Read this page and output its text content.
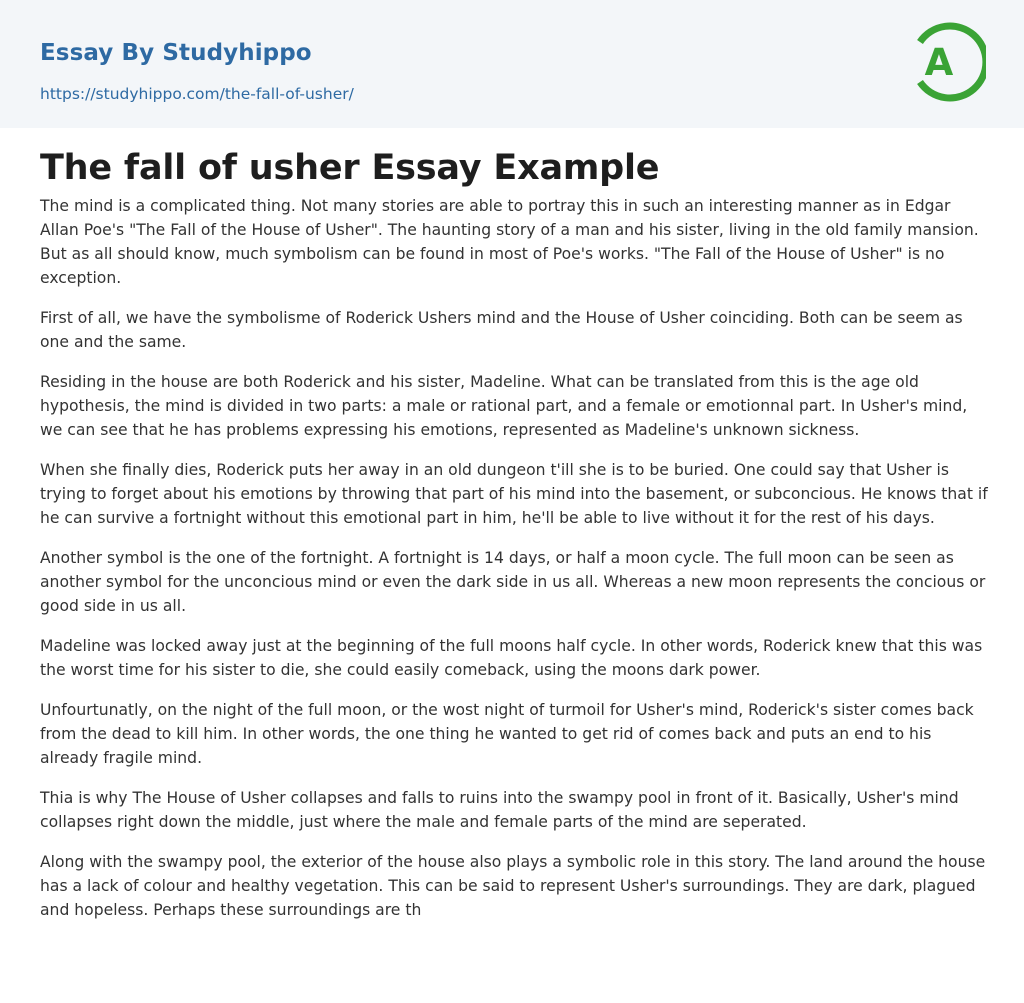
Essay By Studyhippo
https://studyhippo.com/the-fall-of-usher/
A
The fall of usher Essay Example

The mind is a complicated thing. Not many stories are able to portray this in such an interesting manner as in Edgar Allan Poe's "The Fall of the House of Usher". The haunting story of a man and his sister, living in the old family mansion. But as all should know, much symbolism can be found in most of Poe's works. "The Fall of the House of Usher" is no exception.

First of all, we have the symbolisme of Roderick Ushers mind and the House of Usher coinciding. Both can be seem as one and the same.

Residing in the house are both Roderick and his sister, Madeline. What can be translated from this is the age old hypothesis, the mind is divided in two parts: a male or rational part, and a female or emotionnal part. In Usher's mind, we can see that he has problems expressing his emotions, represented as Madeline's unknown sickness.

When she finally dies, Roderick puts her away in an old dungeon t'ill she is to be buried. One could say that Usher is trying to forget about his emotions by throwing that part of his mind into the basement, or subconcious. He knows that if he can survive a fortnight without this emotional part in him, he'll be able to live without it for the rest of his days.

Another symbol is the one of the fortnight. A fortnight is 14 days, or half a moon cycle. The full moon can be seen as another symbol for the unconcious mind or even the dark side in us all. Whereas a new moon represents the concious or good side in us all.

Madeline was locked away just at the beginning of the full moons half cycle. In other words, Roderick knew that this was the worst time for his sister to die, she could easily comeback, using the moons dark power.

Unfourtunatly, on the night of the full moon, or the wost night of turmoil for Usher's mind, Roderick's sister comes back from the dead to kill him. In other words, the one thing he wanted to get rid of comes back and puts an end to his already fragile mind.

Thia is why The House of Usher collapses and falls to ruins into the swampy pool in front of it. Basically, Usher's mind collapses right down the middle, just where the male and female parts of the mind are seperated.

Along with the swampy pool, the exterior of the house also plays a symbolic role in this story. The land around the house has a lack of colour and healthy vegetation. This can be said to represent Usher's surroundings. They are dark, plagued and hopeless. Perhaps these surroundings are th
